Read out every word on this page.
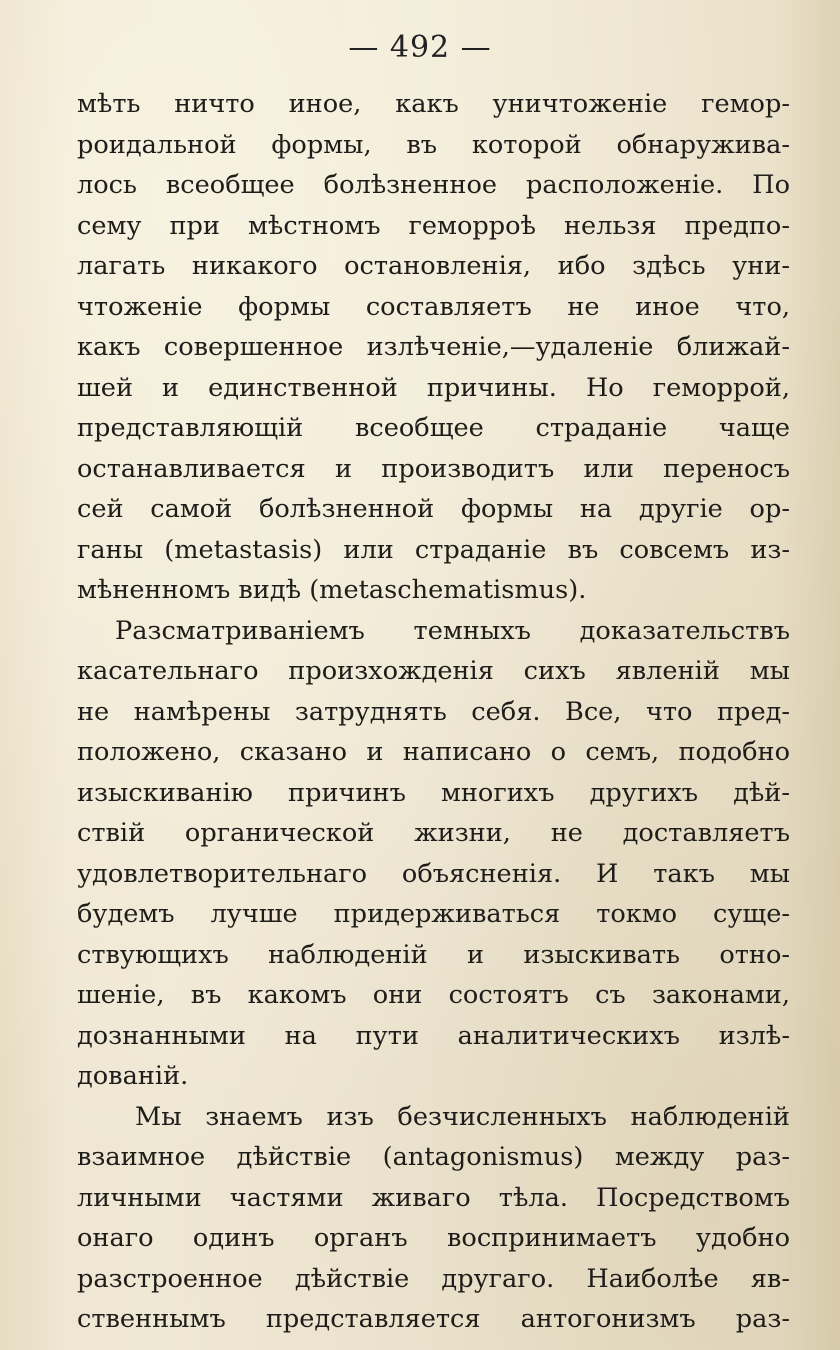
— 492 —
мѣть ничто иное, какъ уничтоженіе гемор-
роидальной формы, въ которой обнаружива-
лось всеобщее болѣзненное расположеніе. По
сему при мѣстномъ геморроѣ нельзя предпо-
лагать никакого остановленія, ибо здѣсь уни-
чтоженіе формы составляетъ не иное что,
какъ совершенное излѣченіе,—удаленіе ближай-
шей и единственной причины. Но геморрой,
представляющій всеобщее страданіе чаще
останавливается и производитъ или переносъ
сей самой болѣзненной формы на другіе ор-
ганы (metastasis) или страданіе въ совсемъ из-
мѣненномъ видѣ (metaschematismus).
Разсматриваніемъ темныхъ доказательствъ
касательнаго произхожденія сихъ явленій мы
не намѣрены затруднять себя. Все, что пред-
положено, сказано и написано о семъ, подобно
изыскиванію причинъ многихъ другихъ дѣй-
ствій органической жизни, не доставляетъ
удовлетворительнаго объясненія. И такъ мы
будемъ лучше придерживаться токмо суще-
ствующихъ наблюденій и изыскивать отно-
шеніе, въ какомъ они состоятъ съ законами,
дознанными на пути аналитическихъ излѣ-
дованій.
Мы знаемъ изъ безчисленныхъ наблюденій
взаимное дѣйствіе (antagonismus) между раз-
личными частями живаго тѣла. Посредствомъ
онаго одинъ органъ воспринимаетъ удобно
разстроенное дѣйствіе другаго. Наиболѣе яв-
ственнымъ представляется антогонизмъ раз-
